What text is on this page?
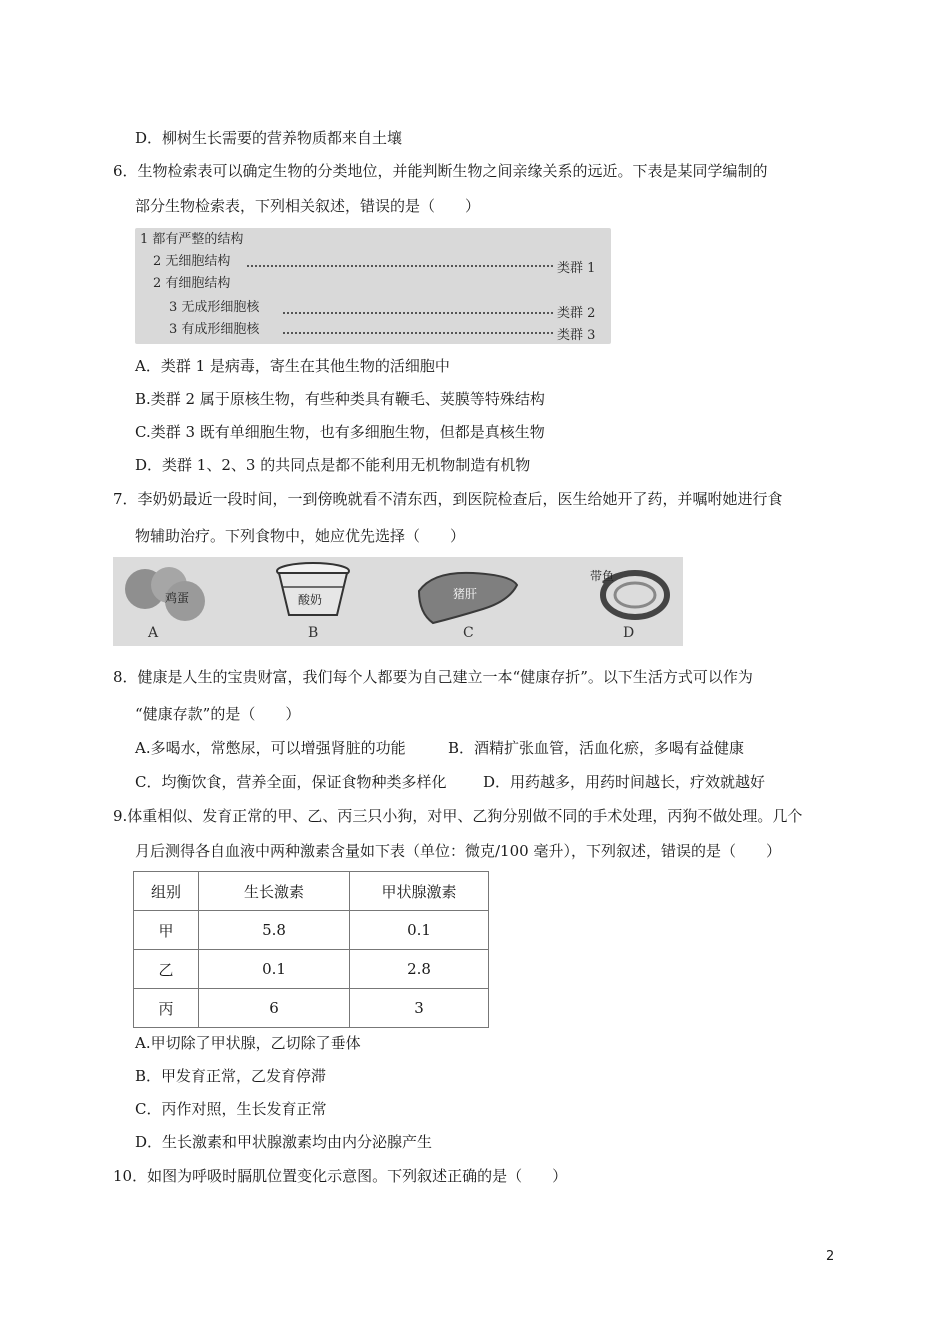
D．柳树生长需要的营养物质都来自土壤
6．生物检索表可以确定生物的分类地位，并能判断生物之间亲缘关系的远近。下表是某同学编制的
部分生物检索表，下列相关叙述，错误的是（　　）
1 都有严整的结构
2 无细胞结构	类群 1
2 有细胞结构
3 无成形细胞核	类群 2
3 有成形细胞核	类群 3
A．类群 1 是病毒，寄生在其他生物的活细胞中
B.类群 2 属于原核生物，有些种类具有鞭毛、荚膜等特殊结构
C.类群 3 既有单细胞生物，也有多细胞生物，但都是真核生物
D．类群 1、2、3 的共同点是都不能利用无机物制造有机物
7．李奶奶最近一段时间，一到傍晚就看不清东西，到医院检查后，医生给她开了药，并嘱咐她进行食
物辅助治疗。下列食物中，她应优先选择（　　）
鸡蛋
A
酸奶
B
猪肝
C
带鱼
D
8．健康是人生的宝贵财富，我们每个人都要为自己建立一本“健康存折”。以下生活方式可以作为
“健康存款”的是（　　）
A.多喝水，常憋尿，可以增强肾脏的功能	B．酒精扩张血管，活血化瘀，多喝有益健康
C．均衡饮食，营养全面，保证食物种类多样化 D．用药越多，用药时间越长，疗效就越好
9.体重相似、发育正常的甲、乙、丙三只小狗，对甲、乙狗分别做不同的手术处理，丙狗不做处理。几个
月后测得各自血液中两种激素含量如下表（单位：微克/100 毫升），下列叙述，错误的是（　　）
组别	生长激素	甲状腺激素
甲	5.8	0.1
乙	0.1	2.8
丙	6	3
A.甲切除了甲状腺，乙切除了垂体
B．甲发育正常，乙发育停滞
C．丙作对照，生长发育正常
D．生长激素和甲状腺激素均由内分泌腺产生
10．如图为呼吸时膈肌位置变化示意图。下列叙述正确的是（　　）
2
